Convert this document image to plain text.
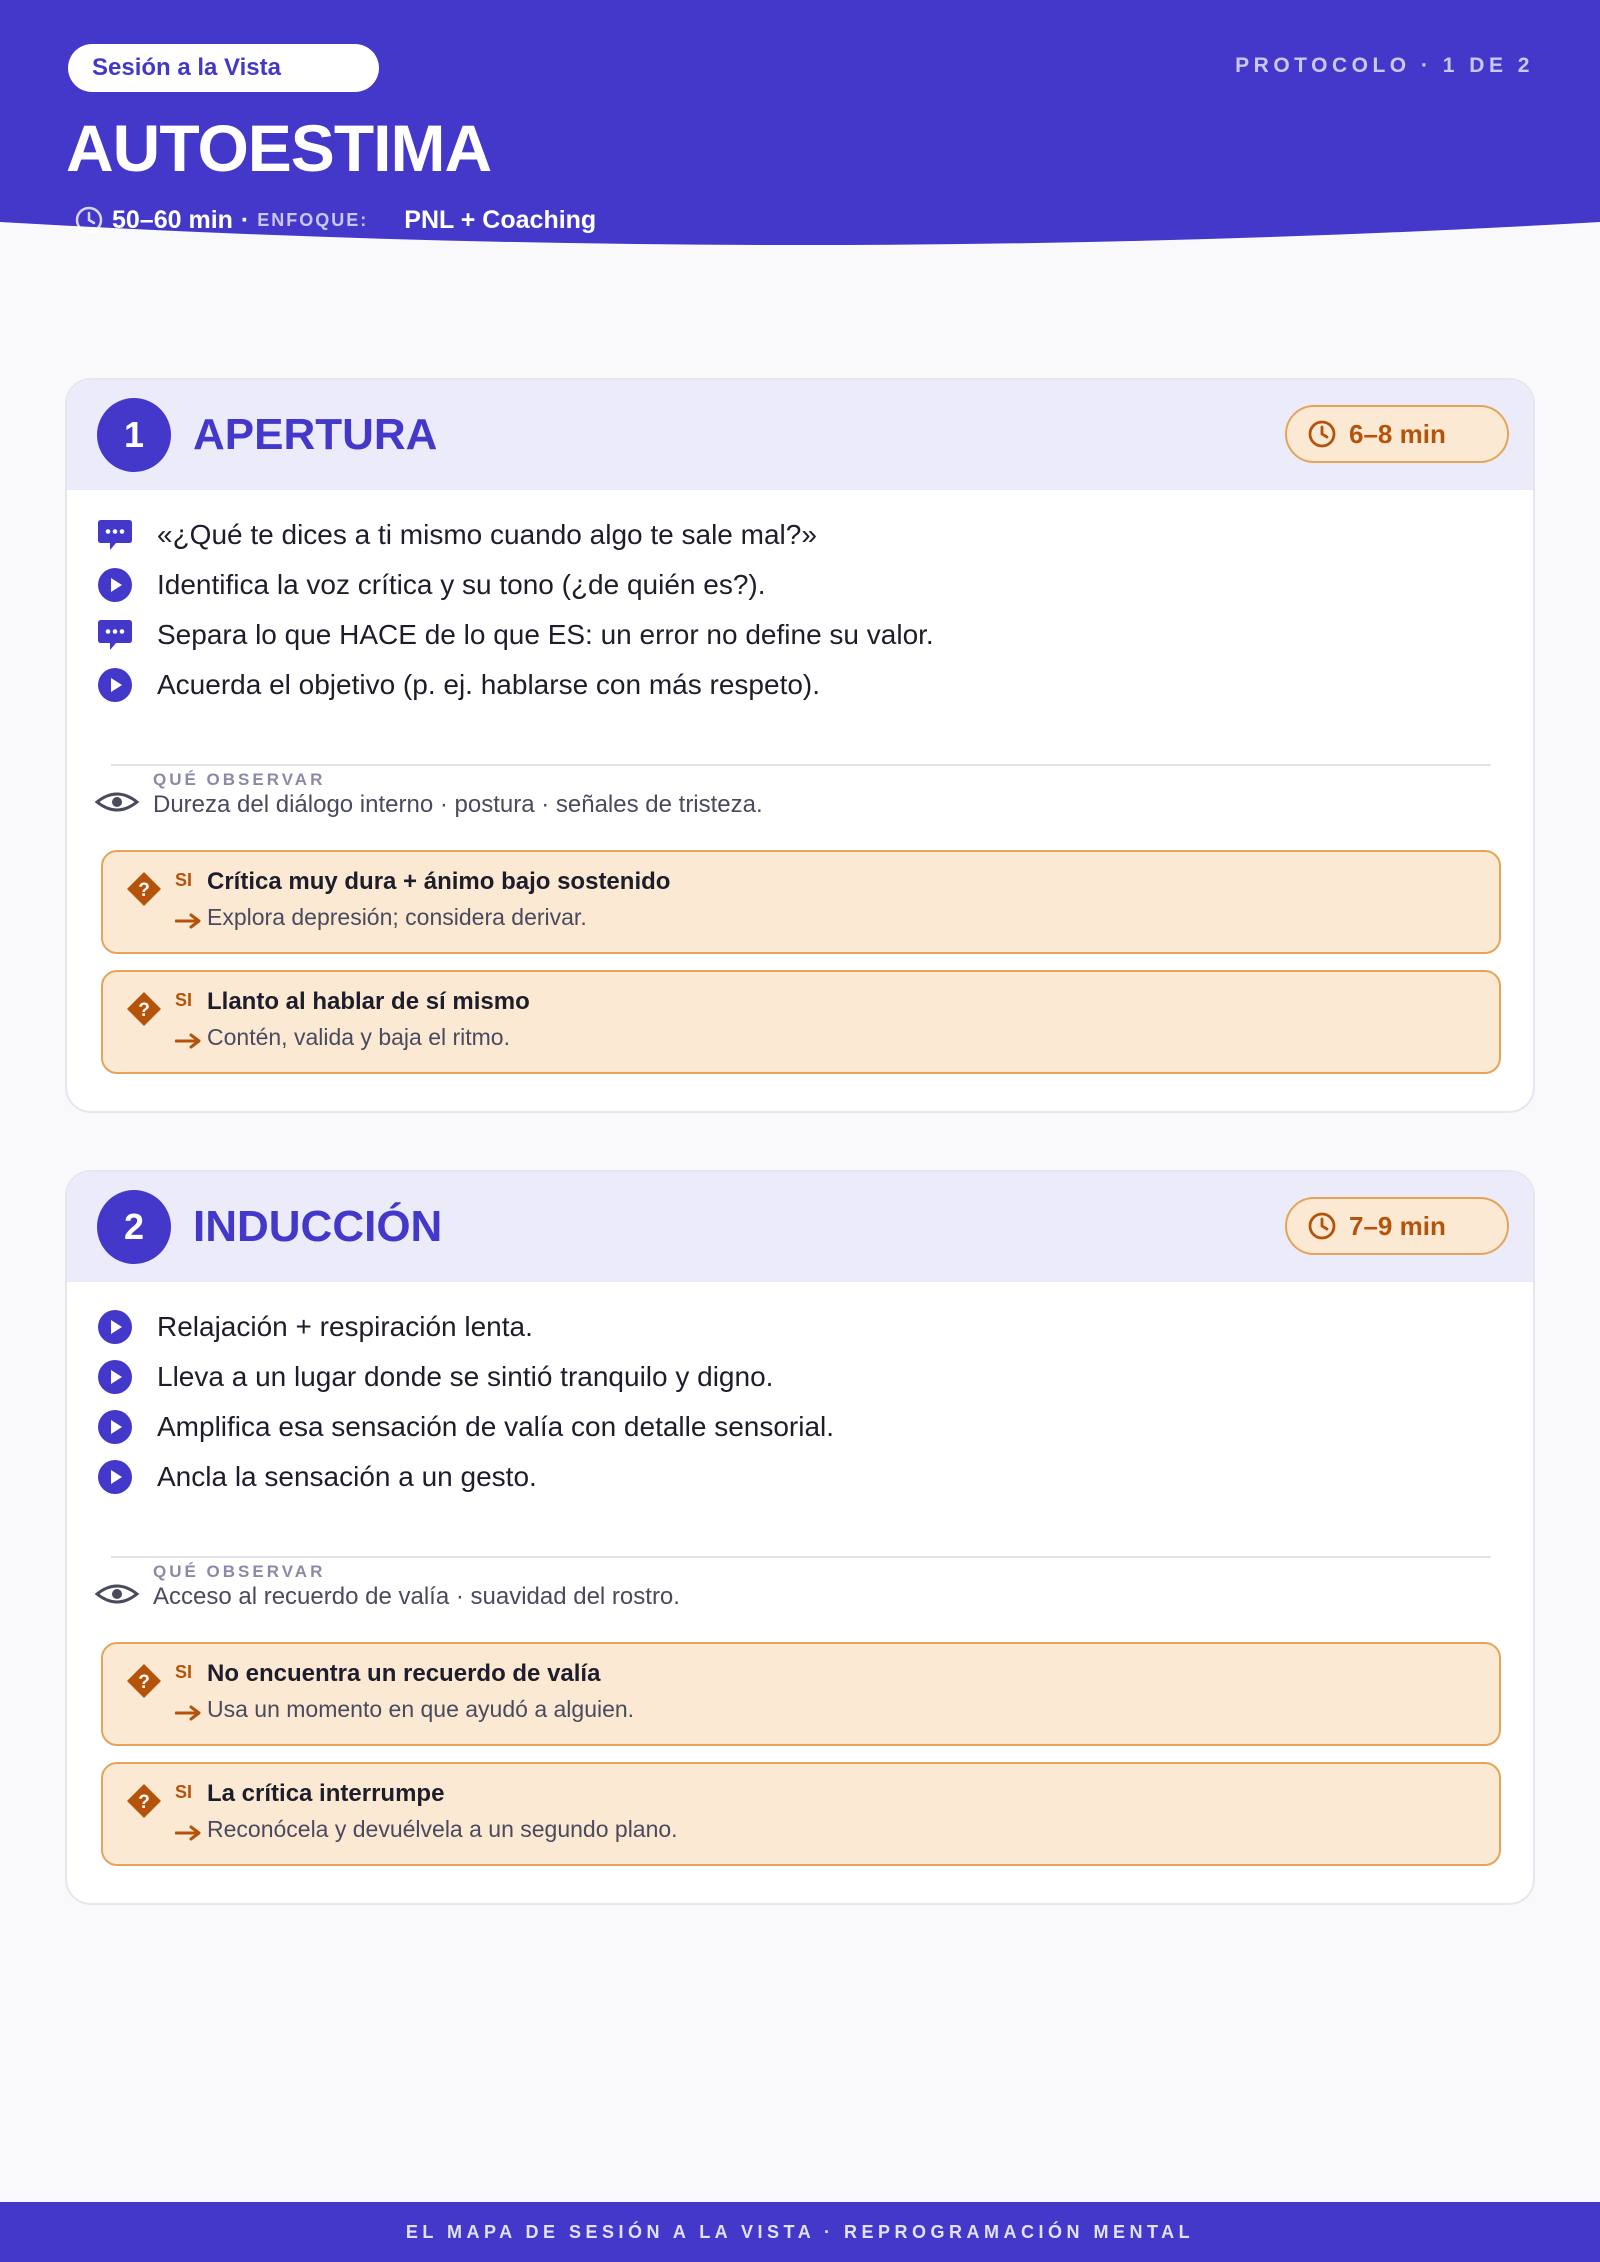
Sesión a la Vista	PROTOCOLO · 1 DE 2
AUTOESTIMA
50–60 min · ENFOQUE: PNL + Coaching
1	APERTURA	6–8 min
«¿Qué te dices a ti mismo cuando algo te sale mal?»
Identifica la voz crítica y su tono (¿de quién es?).
Separa lo que HACE de lo que ES: un error no define su valor.
Acuerda el objetivo (p. ej. hablarse con más respeto).
QUÉ OBSERVAR
Dureza del diálogo interno · postura · señales de tristeza.
? SI Crítica muy dura + ánimo bajo sostenido
Explora depresión; considera derivar.
? SI Llanto al hablar de sí mismo
Contén, valida y baja el ritmo.
2	INDUCCIÓN	7–9 min
Relajación + respiración lenta.
Lleva a un lugar donde se sintió tranquilo y digno.
Amplifica esa sensación de valía con detalle sensorial.
Ancla la sensación a un gesto.
QUÉ OBSERVAR
Acceso al recuerdo de valía · suavidad del rostro.
? SI No encuentra un recuerdo de valía
Usa un momento en que ayudó a alguien.
? SI La crítica interrumpe
Reconócela y devuélvela a un segundo plano.
EL MAPA DE SESIÓN A LA VISTA · REPROGRAMACIÓN MENTAL
